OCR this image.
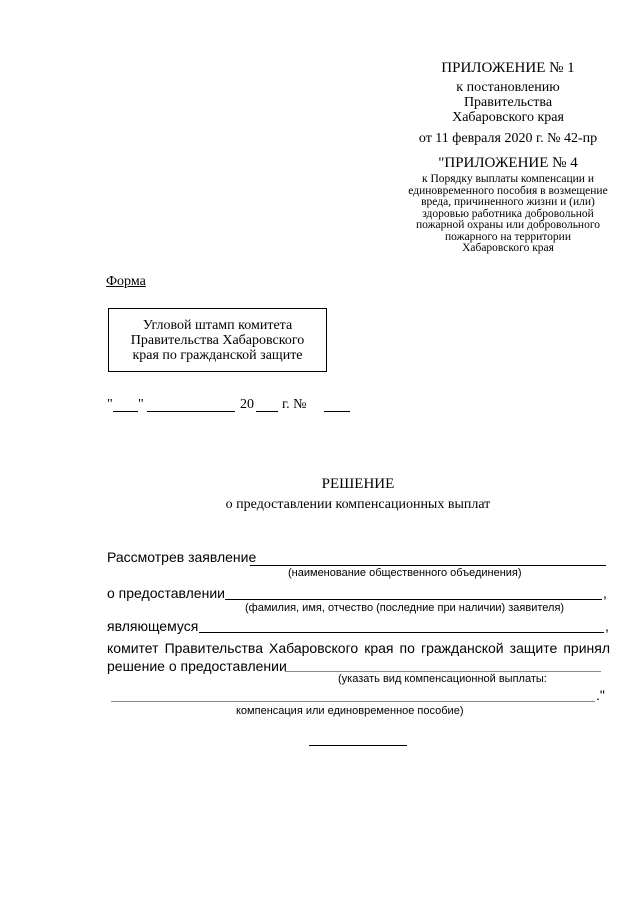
ПРИЛОЖЕНИЕ № 1
к постановлению
Правительства
Хабаровского края
от 11 февраля 2020 г. № 42-пр
"ПРИЛОЖЕНИЕ № 4
к Порядку выплаты компенсации и
единовременного пособия в возмещение
вреда, причиненного жизни и (или)
здоровью работника добровольной
пожарной охраны или добровольного
пожарного на территории
Хабаровского края
Форма
Угловой штамп комитета
Правительства Хабаровского
края по гражданской защите
" "	20 г. №
РЕШЕНИЕ
о предоставлении компенсационных выплат
Рассмотрев заявление
(наименование общественного объединения)
о предоставлении	,
(фамилия, имя, отчество (последние при наличии) заявителя)
являющемуся	,
комитет Правительства Хабаровского края по гражданской защите принял
решение о предоставлении
(указать вид компенсационной выплаты:
."
компенсация или единовременное пособие)
